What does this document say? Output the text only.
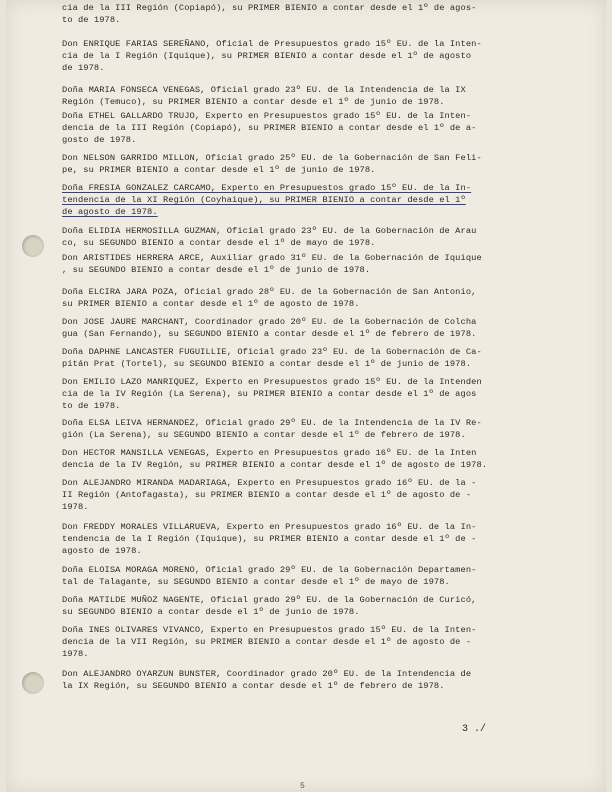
cia de la III Región (Copiapó), su PRIMER BIENIO a contar desde el 1º de agos-
to de 1978.
Don ENRIQUE FARIAS SEREÑANO, Oficial de Presupuestos grado 15º EU. de la Inten-
cia de la I Región (Iquique), su PRIMER BIENIO a contar desde el 1º de agosto
de 1978.
Doña MARIA FONSECA VENEGAS, Oficial grado 23º EU. de la Intendencia de la IX
Región (Temuco), su PRIMER BIENIO a contar desde el 1º de junio de 1978.
Doña ETHEL GALLARDO TRUJO, Experto en Presupuestos grado 15º EU. de la Inten-
dencia de la III Región (Copiapó), su PRIMER BIENIO a contar desde el 1º de a-
gosto de 1978.
Don NELSON GARRIDO MILLON, Oficial grado 25º EU. de la Gobernación de San Feli-
pe, su PRIMER BIENIO a contar desde el 1º de junio de 1978.
Doña FRESIA GONZALEZ CARCAMO, Experto en Presupuestos grado 15º EU. de la In-
tendencia de la XI Región (Coyhaique), su PRIMER BIENIO a contar desde el 1º
de agosto de 1978.
Doña ELIDIA HERMOSILLA GUZMAN, Oficial grado 23º EU. de la Gobernación de Arau
co, su SEGUNDO BIENIO a contar desde el 1º de mayo de 1978.
Don ARISTIDES HERRERA ARCE, Auxiliar grado 31º EU. de la Gobernación de Iquique
, su SEGUNDO BIENIO a contar desde el 1º de junio de 1978.
Doña ELCIRA JARA POZA, Oficial grado 28º EU. de la Gobernación de San Antonio,
su PRIMER BIENIO a contar desde el 1º de agosto de 1978.
Don JOSE JAURE MARCHANT, Coordinador grado 20º EU. de la Gobernación de Colcha
gua (San Fernando), su SEGUNDO BIENIO a contar desde el 1º de febrero de 1978.
Doña DAPHNE LANCASTER FUGUILLIE, Oficial grado 23º EU. de la Gobernación de Ca-
pitán Prat (Tortel), su SEGUNDO BIENIO a contar desde el 1º de junio de 1978.
Don EMILIO LAZO MANRIQUEZ, Experto en Presupuestos grado 15º EU. de la Intenden
cia de la IV Región (La Serena), su PRIMER BIENIO a contar desde el 1º de agos
to de 1978.
Doña ELSA LEIVA HERNANDEZ, Oficial grado 29º EU. de la Intendencia de la IV Re-
gión (La Serena), su SEGUNDO BIENIO a contar desde el 1º de febrero de 1978.
Don HECTOR MANSILLA VENEGAS, Experto en Presupuestos grado 16º EU. de la Inten
dencia de la IV Región, su PRIMER BIENIO a contar desde el 1º de agosto de 1978.
Don ALEJANDRO MIRANDA MADARIAGA, Experto en Presupuestos grado 16º EU. de la -
II Región (Antofagasta), su PRIMER BIENIO a contar desde el 1º de agosto de -
1978.
Don FREDDY MORALES VILLARUEVA, Experto en Presupuestos grado 16º EU. de la In-
tendencia de la I Región (Iquique), su PRIMER BIENIO a contar desde el 1º de -
agosto de 1978.
Doña ELOISA MORAGA MORENO, Oficial grado 29º EU. de la Gobernación Departamen-
tal de Talagante, su SEGUNDO BIENIO a contar desde el 1º de mayo de 1978.
Doña MATILDE MUÑOZ NAGENTE, Oficial grado 29º EU. de la Gobernación de Curicó,
su SEGUNDO BIENIO a contar desde el 1º de junio de 1978.
Doña INES OLIVARES VIVANCO, Experto en Presupuestos grado 15º EU. de la Inten-
dencia de la VII Región, su PRIMER BIENIO a contar desde el 1º de agosto de -
1978.
Don ALEJANDRO OYARZUN BUNSTER, Coordinador grado 20º EU. de la Intendencia de
la IX Región, su SEGUNDO BIENIO a contar desde el 1º de febrero de 1978.
3 ./
5
